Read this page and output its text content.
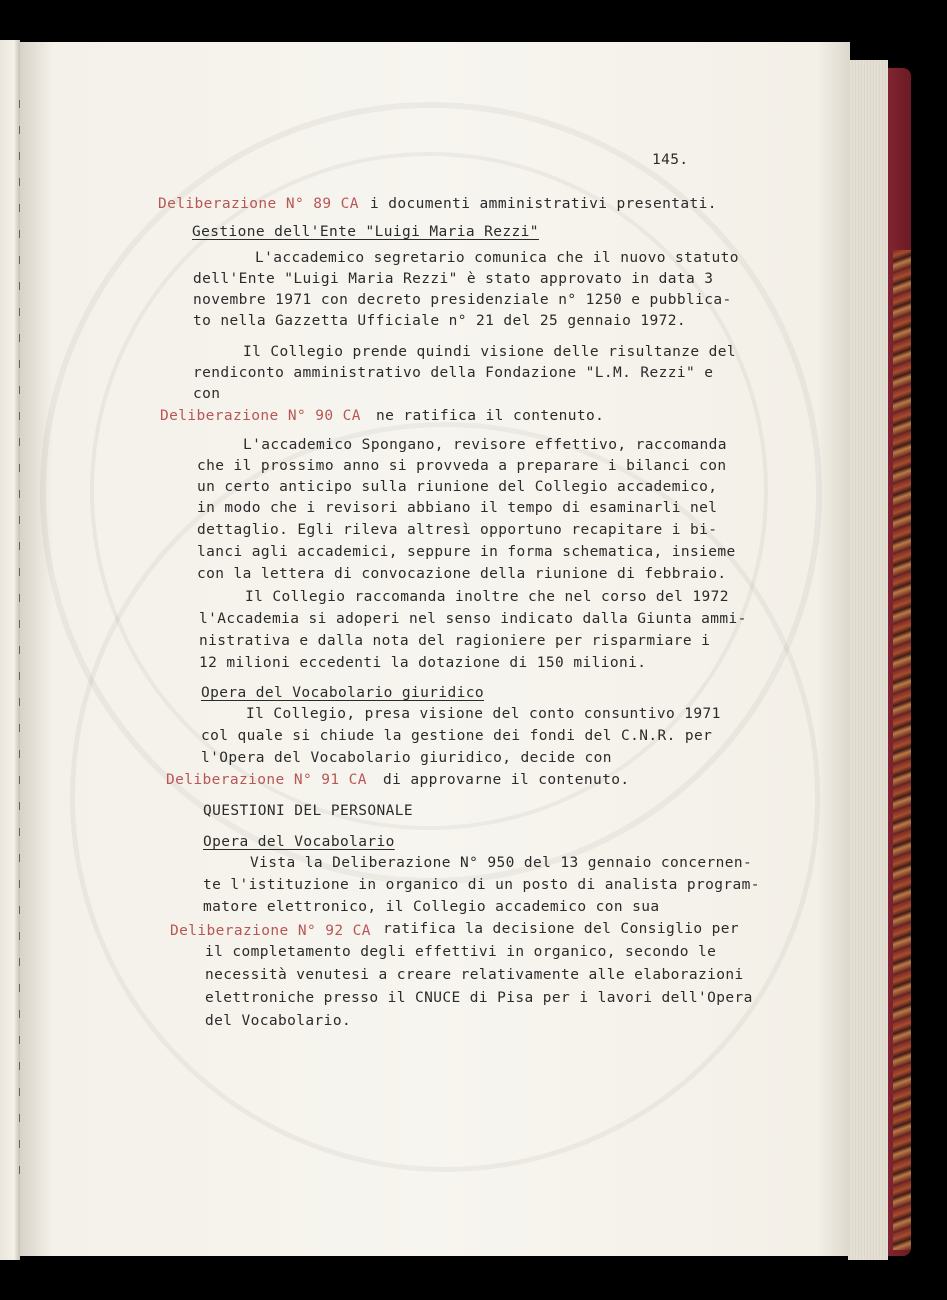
145.
Deliberazione N° 89 CA i documenti amministrativi presentati.
Gestione dell'Ente "Luigi Maria Rezzi"
L'accademico segretario comunica che il nuovo statuto
dell'Ente "Luigi Maria Rezzi" è stato approvato in data 3
novembre 1971 con decreto presidenziale n° 1250 e pubblica-
to nella Gazzetta Ufficiale n° 21 del 25 gennaio 1972.
Il Collegio prende quindi visione delle risultanze del
rendiconto amministrativo della Fondazione "L.M. Rezzi" e
con
Deliberazione N° 90 CA ne ratifica il contenuto.
L'accademico Spongano, revisore effettivo, raccomanda
che il prossimo anno si provveda a preparare i bilanci con
un certo anticipo sulla riunione del Collegio accademico,
in modo che i revisori abbiano il tempo di esaminarli nel
dettaglio. Egli rileva altresì opportuno recapitare i bi-
lanci agli accademici, seppure in forma schematica, insieme
con la lettera di convocazione della riunione di febbraio.
Il Collegio raccomanda inoltre che nel corso del 1972
l'Accademia si adoperi nel senso indicato dalla Giunta ammi-
nistrativa e dalla nota del ragioniere per risparmiare i
12 milioni eccedenti la dotazione di 150 milioni.
Opera del Vocabolario giuridico
Il Collegio, presa visione del conto consuntivo 1971
col quale si chiude la gestione dei fondi del C.N.R. per
l'Opera del Vocabolario giuridico, decide con
Deliberazione N° 91 CA di approvarne il contenuto.
QUESTIONI DEL PERSONALE
Opera del Vocabolario
Vista la Deliberazione N° 950 del 13 gennaio concernen-
te l'istituzione in organico di un posto di analista program-
matore elettronico, il Collegio accademico con sua
Deliberazione N° 92 CA ratifica la decisione del Consiglio per
il completamento degli effettivi in organico, secondo le
necessità venutesi a creare relativamente alle elaborazioni
elettroniche presso il CNUCE di Pisa per i lavori dell'Opera
del Vocabolario.
